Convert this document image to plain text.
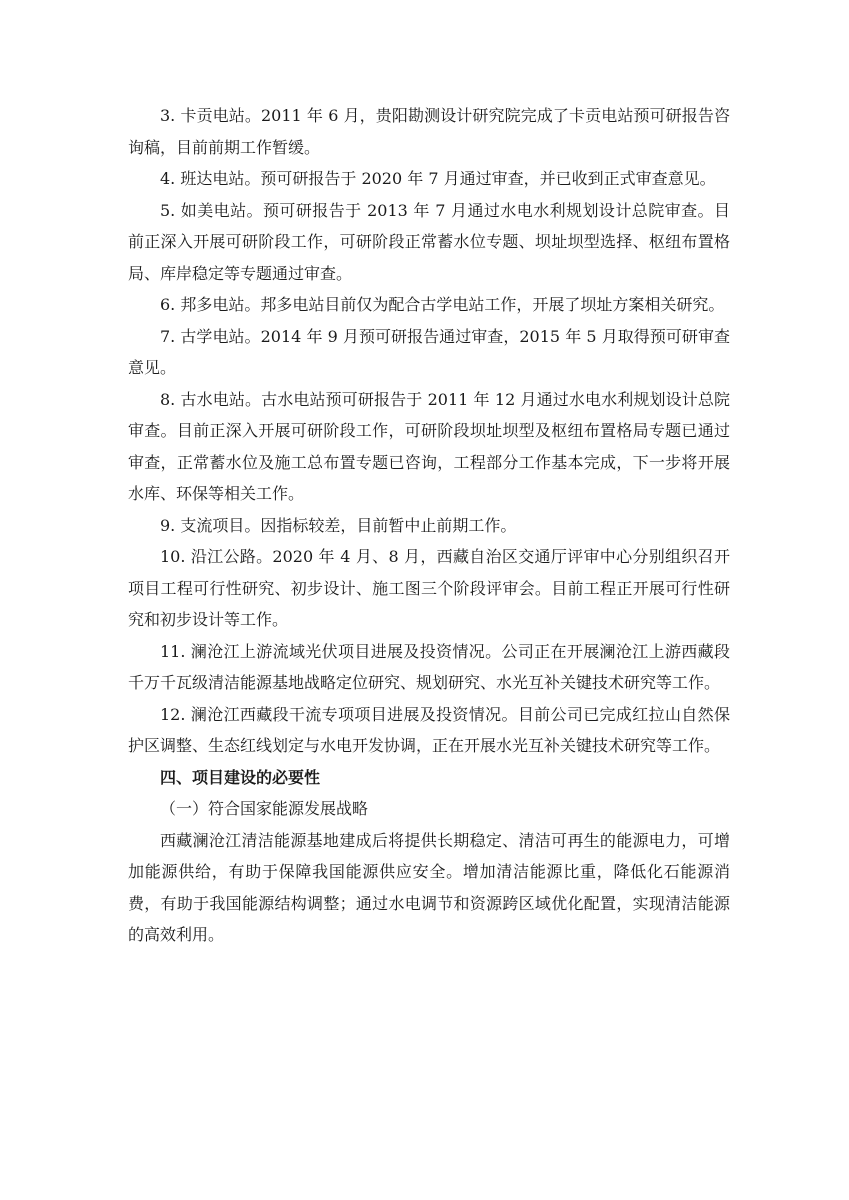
3. 卡贡电站。2011 年 6 月，贵阳勘测设计研究院完成了卡贡电站预可研报告咨询稿，目前前期工作暂缓。

4. 班达电站。预可研报告于 2020 年 7 月通过审查，并已收到正式审查意见。

5. 如美电站。预可研报告于 2013 年 7 月通过水电水利规划设计总院审查。目前正深入开展可研阶段工作，可研阶段正常蓄水位专题、坝址坝型选择、枢纽布置格局、库岸稳定等专题通过审查。

6. 邦多电站。邦多电站目前仅为配合古学电站工作，开展了坝址方案相关研究。

7. 古学电站。2014 年 9 月预可研报告通过审查，2015 年 5 月取得预可研审查意见。

8. 古水电站。古水电站预可研报告于 2011 年 12 月通过水电水利规划设计总院审查。目前正深入开展可研阶段工作，可研阶段坝址坝型及枢纽布置格局专题已通过审查，正常蓄水位及施工总布置专题已咨询，工程部分工作基本完成，下一步将开展水库、环保等相关工作。

9. 支流项目。因指标较差，目前暂中止前期工作。

10. 沿江公路。2020 年 4 月、8 月，西藏自治区交通厅评审中心分别组织召开项目工程可行性研究、初步设计、施工图三个阶段评审会。目前工程正开展可行性研究和初步设计等工作。

11. 澜沧江上游流域光伏项目进展及投资情况。公司正在开展澜沧江上游西藏段千万千瓦级清洁能源基地战略定位研究、规划研究、水光互补关键技术研究等工作。

12. 澜沧江西藏段干流专项项目进展及投资情况。目前公司已完成红拉山自然保护区调整、生态红线划定与水电开发协调，正在开展水光互补关键技术研究等工作。

四、项目建设的必要性

（一）符合国家能源发展战略

西藏澜沧江清洁能源基地建成后将提供长期稳定、清洁可再生的能源电力，可增加能源供给，有助于保障我国能源供应安全。增加清洁能源比重，降低化石能源消费，有助于我国能源结构调整；通过水电调节和资源跨区域优化配置，实现清洁能源的高效利用。
